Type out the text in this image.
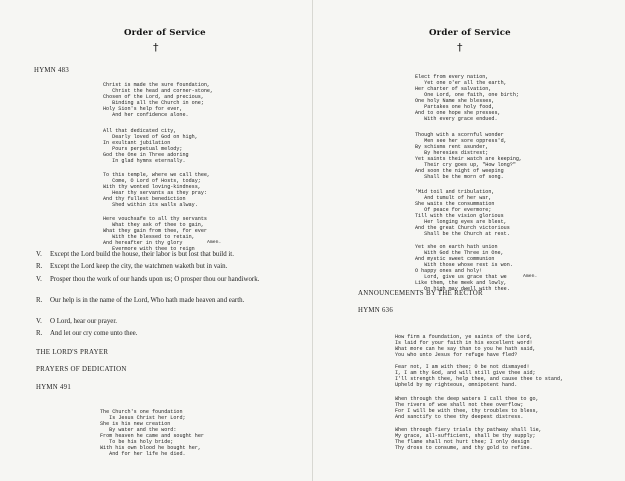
Order of Service
†
HYMN 483

Christ is made the sure foundation,
Christ the head and corner-stone,
Chosen of the Lord, and precious,
Binding all the Church in one;
Holy Sion's help for ever,
And her confidence alone.

All that dedicated city,
Dearly loved of God on high,
In exultant jubilation
Pours perpetual melody;
God the One in Three adoring
In glad hymns eternally.

To this temple, where we call thee,
Come, O Lord of Hosts, today;
With thy wonted loving-kindness,
Hear thy servants as they pray:
And thy fullest benediction
Shed within its walls alway.

Here vouchsafe to all thy servants
What they ask of thee to gain,
What they gain from thee, for ever
With the blessed to retain,
And hereafter in thy glory
Evermore with thee to reign

Amen.
V.	Except the Lord build the house, their labor is but lost that build it.
R.	Except the Lord keep the city, the watchmen waketh but in vain.
V.	Prosper thou the work of our hands upon us; O prosper thou our handiwork.
R.	Our help is in the name of the Lord, Who hath made heaven and earth.
V.	O Lord, hear our prayer.
R.	And let our cry come unto thee.
THE LORD'S PRAYER
PRAYERS OF DEDICATION
HYMN 491

The Church's one foundation
Is Jesus Christ her Lord;
She is his new creation
By water and the word:
From heaven he came and sought her
To be his holy bride;
With his own blood he bought her,
And for her life he died.

Order of Service
†

Elect from every nation,
Yet one o'er all the earth,
Her charter of salvation,
One Lord, one faith, one birth;
One holy Name she blesses,
Partakes one holy food,
And to one hope she presses,
With every grace endued.

Though with a scornful wonder
Men see her sore oppress'd,
By schisms rent asunder,
By heresies distrest;
Yet saints their watch are keeping,
Their cry goes up, "How long?"
And soon the night of weeping
Shall be the morn of song.

'Mid toil and tribulation,
And tumult of her war,
She waits the consummation
Of peace for evermore;
Till with the vision glorious
Her longing eyes are blest,
And the great Church victorious
Shall be the Church at rest.

Yet she on earth hath union
With God the Three in One,
And mystic sweet communion
With those whose rest is won.
O happy ones and holy!
Lord, give us grace that we
Like them, the meek and lowly,
On high may dwell with thee.

Amen.
ANNOUNCEMENTS BY THE RECTOR
HYMN 636

How firm a foundation, ye saints of the Lord,
Is laid for your faith in his excellent word!
What more can he say than to you he hath said,
You who unto Jesus for refuge have fled?

Fear not, I am with thee; O be not dismayed!
I, I am thy God, and will still give thee aid;
I'll strength thee, help thee, and cause thee to stand,
Upheld by my righteous, omnipotent hand.

When through the deep waters I call thee to go,
The rivers of woe shall not thee overflow;
For I will be with thee, thy troubles to bless,
And sanctify to thee thy deepest distress.

When through fiery trials thy pathway shall lie,
My grace, all-sufficient, shall be thy supply;
The flame shall not hurt thee; I only design
Thy dross to consume, and thy gold to refine.
